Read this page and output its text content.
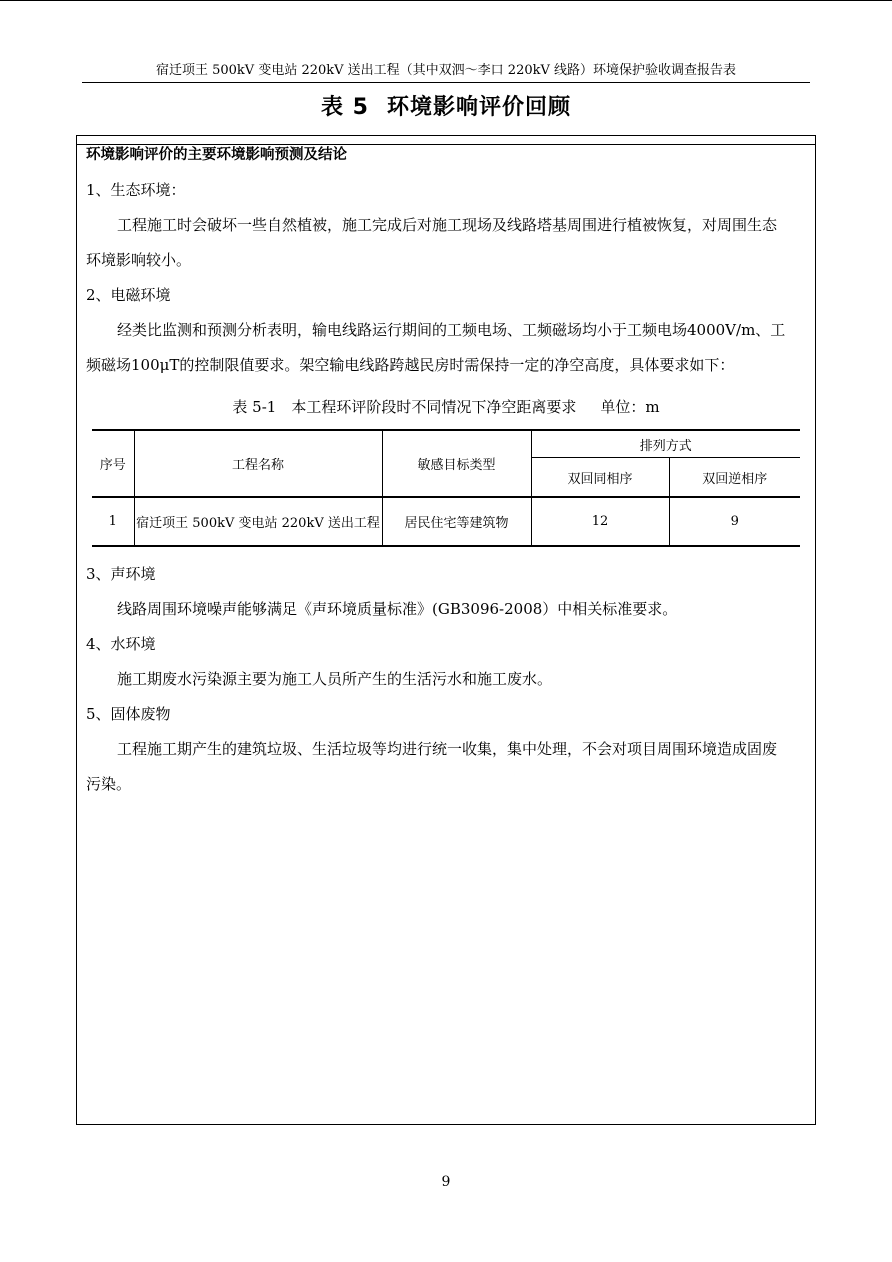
宿迁项王 500kV 变电站 220kV 送出工程（其中双泗～李口 220kV 线路）环境保护验收调查报告表
表 5 环境影响评价回顾
环境影响评价的主要环境影响预测及结论
1、生态环境：
工程施工时会破坏一些自然植被，施工完成后对施工现场及线路塔基周围进行植被恢复，对周围生态
环境影响较小。
2、电磁环境
经类比监测和预测分析表明，输电线路运行期间的工频电场、工频磁场均小于工频电场4000V/m、工
频磁场100μT的控制限值要求。架空输电线路跨越民房时需保持一定的净空高度，具体要求如下：
表 5-1　本工程环评阶段时不同情况下净空距离要求 单位：m
序号	工程名称	敏感目标类型	排列方式	
			双回同相序	双回逆相序
1	宿迁项王 500kV 变电站 220kV 送出工程	居民住宅等建筑物	12	9
3、声环境
线路周围环境噪声能够满足《声环境质量标准》(GB3096-2008）中相关标准要求。
4、水环境
施工期废水污染源主要为施工人员所产生的生活污水和施工废水。
5、固体废物
工程施工期产生的建筑垃圾、生活垃圾等均进行统一收集，集中处理，不会对项目周围环境造成固废
污染。
9
